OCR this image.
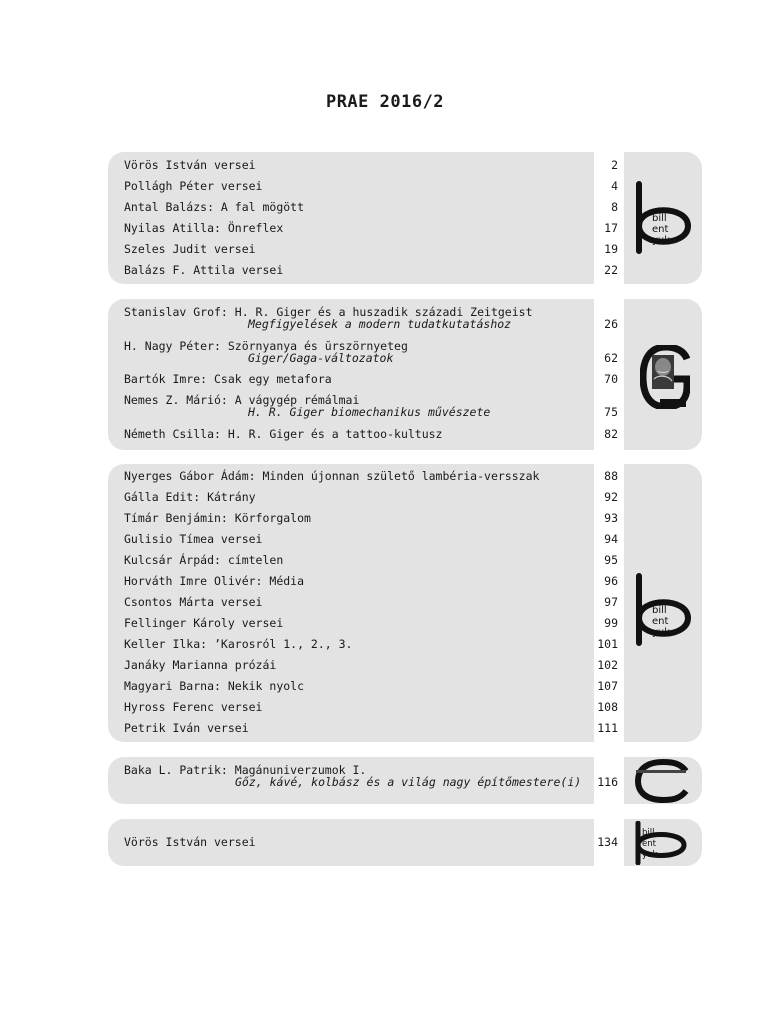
PRAE 2016/2
Vörös István versei	2
Pollágh Péter versei	4
Antal Balázs: A fal mögött	8
Nyilas Atilla: Önreflex	17
Szeles Judit versei	19
Balázs F. Attila versei	22
bill
ent
yuk
Stanislav Grof: H. R. Giger és a huszadik századi Zeitgeist
Megfigyelések a modern tudatkutatáshoz	26
H. Nagy Péter: Szörnyanya és ŭrszörnyeteg
Giger/Gaga-változatok	62
Bartók Imre: Csak egy metafora	70
Nemes Z. Márió: A vágygép rémálmai
H. R. Giger biomechanikus művészete	75
Németh Csilla: H. R. Giger és a tattoo-kultusz	82
Nyerges Gábor Ádám: Minden újonnan születő lambéria-versszak	88
Gálla Edit: Kátrány	92
Tímár Benjámin: Körforgalom	93
Gulisio Tímea versei	94
Kulcsár Árpád: címtelen	95
Horváth Imre Olivér: Média	96
Csontos Márta versei	97
Fellinger Károly versei	99
Keller Ilka: ʼKarosról 1., 2., 3.	101
Janáky Marianna prózái	102
Magyari Barna: Nekik nyolc	107
Hyross Ferenc versei	108
Petrik Iván versei	111
bill
ent
yuk
Baka L. Patrik: Magánuniverzumok I.
Gőz, kávé, kolbász és a világ nagy építőmestere(i) 116
Vörös István versei	134
bill
ent
yuk
